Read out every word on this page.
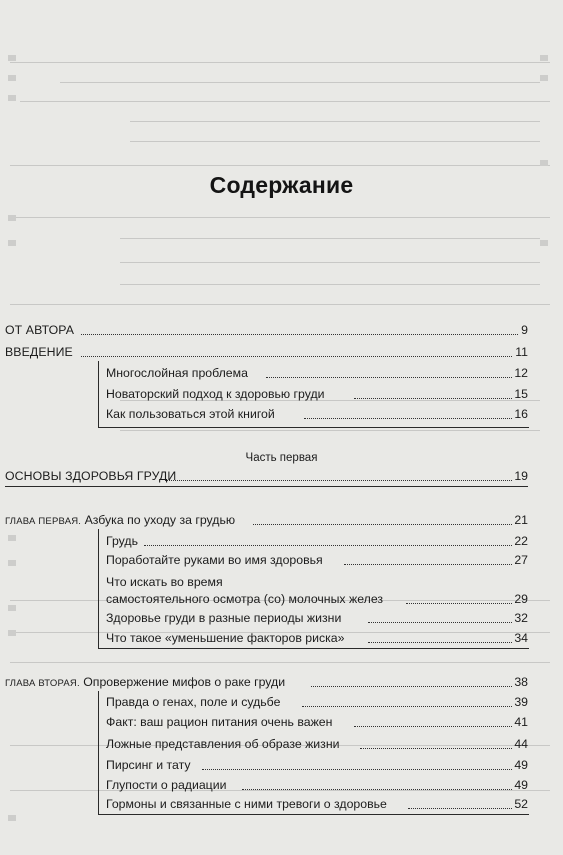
Содержание
ОТ АВТОРА	9
ВВЕДЕНИЕ	11
Многослойная проблема	12
Новаторский подход к здоровью груди	15
Как пользоваться этой книгой	16
Часть первая
ОСНОВЫ ЗДОРОВЬЯ ГРУДИ	19
ГЛАВА ПЕРВАЯ. Азбука по уходу за грудью	21
Грудь	22
Поработайте руками во имя здоровья	27
Что искать во время
самостоятельного осмотра (со) молочных желез	29
Здоровье груди в разные периоды жизни	32
Что такое «уменьшение факторов риска»	34
ГЛАВА ВТОРАЯ. Опровержение мифов о раке груди	38
Правда о генах, поле и судьбе	39
Факт: ваш рацион питания очень важен	41
Ложные представления об образе жизни	44
Пирсинг и тату	49
Глупости о радиации	49
Гормоны и связанные с ними тревоги о здоровье	52
